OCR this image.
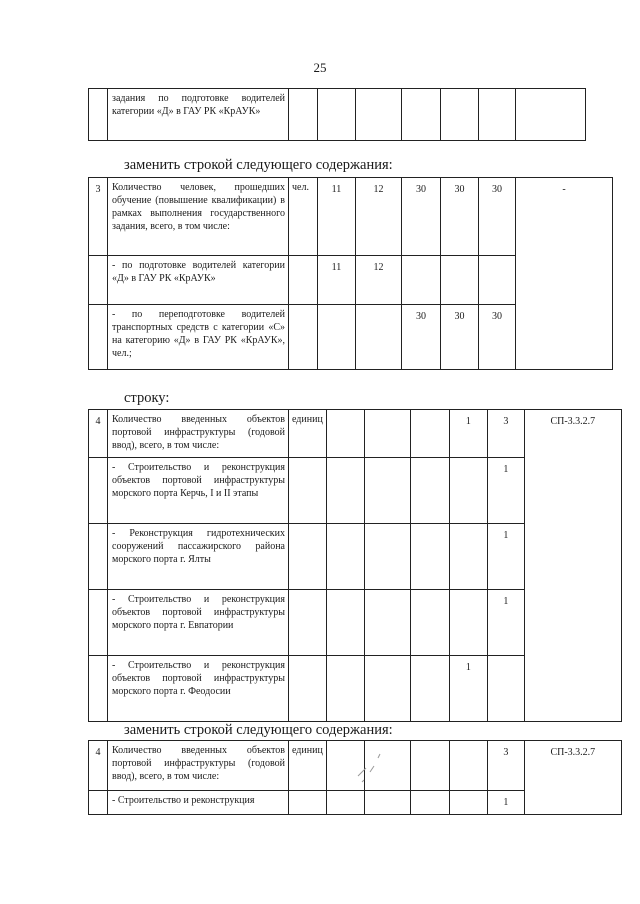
25
	задания по подготовке водителей категории «Д» в ГАУ РК «КрАУК»							
заменить строкой следующего содержания:
3	Количество человек, прошедших обучение (повышение квалификации) в рамках выполнения государственного задания, всего, в том числе:	чел.	11	12	30	30	30	-
	- по подготовке водителей категории «Д» в ГАУ РК «КрАУК»		11	12				
	- по переподготовке водителей транспортных средств с категории «С» на категорию «Д» в ГАУ РК «КрАУК», чел.;				30	30	30	
строку:
4	Количество введенных объектов портовой инфраструктуры (годовой ввод), всего, в том числе:	единиц				1	3	СП-3.3.2.7
	- Строительство и реконструкция объектов портовой инфраструктуры морского порта Керчь, I и II этапы						1	
	- Реконструкция гидротехнических сооружений пассажирского района морского порта г. Ялты						1	
	- Строительство и реконструкция объектов портовой инфраструктуры морского порта г. Евпатории						1	
	- Строительство и реконструкция объектов портовой инфраструктуры морского порта г. Феодосии					1		
заменить строкой следующего содержания:
4	Количество введенных объектов портовой инфраструктуры (годовой ввод), всего, в том числе:	единиц					3	СП-3.3.2.7
	- Строительство и реконструкция						1	
